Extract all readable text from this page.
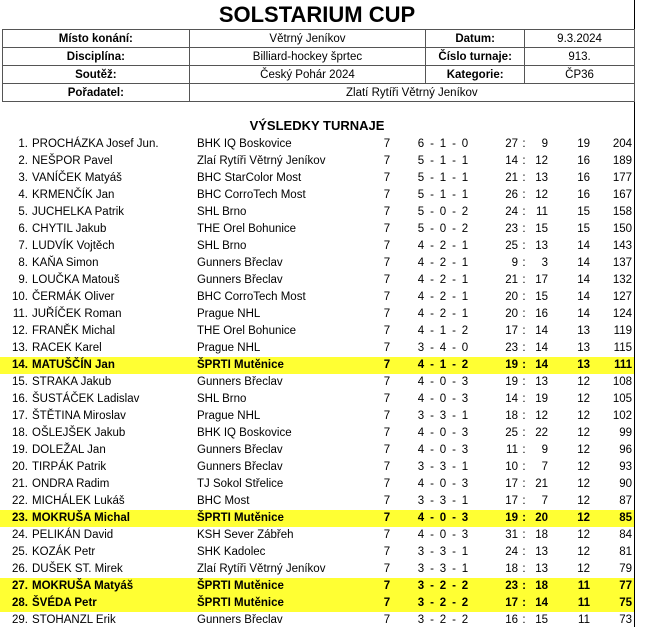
SOLSTARIUM CUP
Místo konání:	Větrný Jeníkov	Datum:	9.3.2024
Disciplína:	Billiard-hockey šprtec	Číslo turnaje:	913.
Soutěž:	Český Pohár 2024	Kategorie:	ČP36
Pořadatel:	Zlatí Rytíři Větrný Jeníkov		
VÝSLEDKY TURNAJE
1. PROCHÁZKA Josef Jun.	BHK IQ Boskovice	7 6 - 1 - 0	27 :	9	19	204
2. NEŠPOR Pavel	Zlaí Rytíři Větrný Jeníkov	7 5 - 1 - 1	14 : 12	16	189
3. VANÍČEK Matyáš	BHC StarColor Most	7 5 - 1 - 1	21 : 13	16	177
4. KRMENČÍK Jan	BHC CorroTech Most	7 5 - 1 - 1	26 : 12	16	167
5. JUCHELKA Patrik	SHL Brno	7 5 - 0 - 2	24 : 11	15	158
6. CHYTIL Jakub	THE Orel Bohunice	7 5 - 0 - 2	23 : 15	15	150
7. LUDVÍK Vojtěch	SHL Brno	7 4 - 2 - 1	25 : 13	14	143
8. KAŇA Simon	Gunners Břeclav	7 4 - 2 - 1	9 :	3	14	137
9. LOUČKA Matouš	Gunners Břeclav	7 4 - 2 - 1	21 : 17	14	132
10. ČERMÁK Oliver	BHC CorroTech Most	7 4 - 2 - 1	20 : 15	14	127
11. JUŘÍČEK Roman	Prague NHL	7 4 - 2 - 1	20 : 16	14	124
12. FRANĚK Michal	THE Orel Bohunice	7 4 - 1 - 2	17 : 14	13	119
13. RACEK Karel	Prague NHL	7 3 - 4 - 0	23 : 14	13	115
14. MATUŠČÍN Jan	ŠPRTI Mutěnice	7 4 - 1 - 2	19 : 14	13	111
15. STRAKA Jakub	Gunners Břeclav	7 4 - 0 - 3	19 : 13	12	108
16. ŠUSTÁČEK Ladislav	SHL Brno	7 4 - 0 - 3	14 : 19	12	105
17. ŠTĚTINA Miroslav	Prague NHL	7 3 - 3 - 1	18 : 12	12	102
18. OŠLEJŠEK Jakub	BHK IQ Boskovice	7 4 - 0 - 3	25 : 22	12	99
19. DOLEŽAL Jan	Gunners Břeclav	7 4 - 0 - 3	11 :	9	12	96
20. TIRPÁK Patrik	Gunners Břeclav	7 3 - 3 - 1	10 :	7	12	93
21. ONDRA Radim	TJ Sokol Střelice	7 4 - 0 - 3	17 : 21	12	90
22. MICHÁLEK Lukáš	BHC Most	7 3 - 3 - 1	17 :	7	12	87
23. MOKRUŠA Michal	ŠPRTI Mutěnice	7 4 - 0 - 3	19 : 20	12	85
24. PELIKÁN David	KSH Sever Zábřeh	7 4 - 0 - 3	31 : 18	12	84
25. KOZÁK Petr	SHK Kadolec	7 3 - 3 - 1	24 : 13	12	81
26. DUŠEK ST. Mirek	Zlaí Rytíři Větrný Jeníkov	7 3 - 3 - 1	18 : 13	12	79
27. MOKRUŠA Matyáš	ŠPRTI Mutěnice	7 3 - 2 - 2	23 : 18	11	77
28. ŠVÉDA Petr	ŠPRTI Mutěnice	7 3 - 2 - 2	17 : 14	11	75
29. STOHANZL Erik	Gunners Břeclav	7 3 - 2 - 2	16 : 15	11	73
